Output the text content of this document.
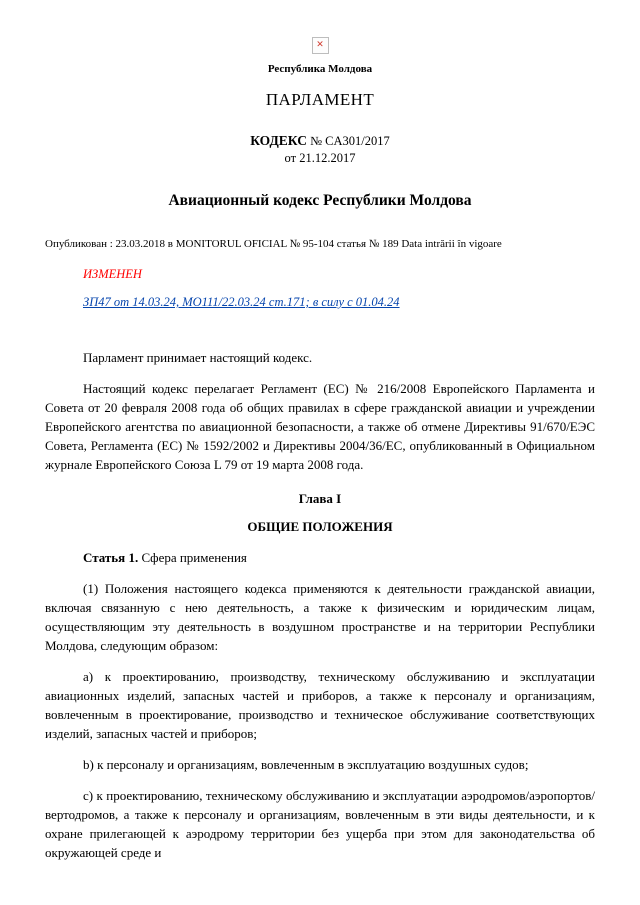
✕
Республика Молдова
ПАРЛАМЕНТ
КОДЕКС № CA301/2017
от 21.12.2017
Авиационный кодекс Республики Молдова

Опубликован : 23.03.2018 в MONITORUL OFICIAL № 95-104 статья № 189 Data intrării în vigoare

ИЗМЕНЕН

ЗП47 от 14.03.24, MO111/22.03.24 ст.171; в силу с 01.04.24

Парламент принимает настоящий кодекс.

Настоящий кодекс перелагает Регламент (ЕС) № 216/2008 Европейского Парламента и Совета от 20 февраля 2008 года об общих правилах в сфере гражданской авиации и учреждении Европейского агентства по авиационной безопасности, а также об отмене Директивы 91/670/ЕЭС Совета, Регламента (ЕС) № 1592/2002 и Директивы 2004/36/ЕС, опубликованный в Официальном журнале Европейского Союза L 79 от 19 марта 2008 года.

Глава I
ОБЩИЕ ПОЛОЖЕНИЯ

Статья 1. Сфера применения

(1) Положения настоящего кодекса применяются к деятельности гражданской авиации, включая связанную с нею деятельность, а также к физическим и юридическим лицам, осуществляющим эту деятельность в воздушном пространстве и на территории Республики Молдова, следующим образом:

а) к проектированию, производству, техническому обслуживанию и эксплуатации авиационных изделий, запасных частей и приборов, а также к персоналу и организациям, вовлеченным в проектирование, производство и техническое обслуживание соответствующих изделий, запасных частей и приборов;

b) к персоналу и организациям, вовлеченным в эксплуатацию воздушных судов;

с) к проектированию, техническому обслуживанию и эксплуатации аэродромов/аэропортов/вертодромов, а также к персоналу и организациям, вовлеченным в эти виды деятельности, и к охране прилегающей к аэродрому территории без ущерба при этом для законодательства об окружающей среде и
